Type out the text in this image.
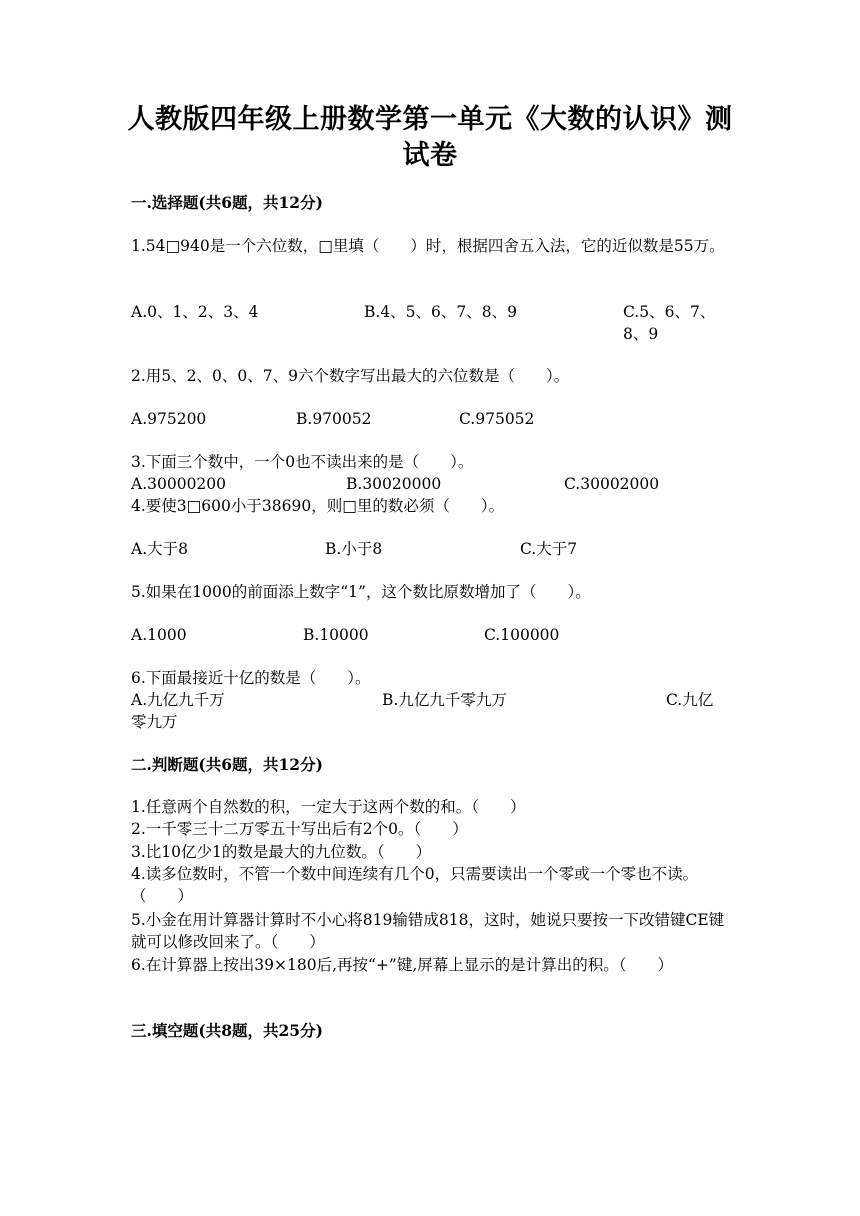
人教版四年级上册数学第一单元《大数的认识》测试卷
一.选择题(共6题，共12分)
1.54□940是一个六位数，□里填（　　）时，根据四舍五入法，它的近似数是55万。
A.0、1、2、3、4	B.4、5、6、7、8、9	C.5、6、7、8、9
2.用5、2、0、0、7、9六个数字写出最大的六位数是（　　）。
A.975200	B.970052	C.975052
3.下面三个数中，一个0也不读出来的是（　　）。
A.30000200	B.30020000	C.30002000
4.要使3□600小于38690，则□里的数必须（　　）。
A.大于8	B.小于8	C.大于7
5.如果在1000的前面添上数字“1”，这个数比原数增加了（　　）。
A.1000	B.10000	C.100000
6.下面最接近十亿的数是（　　）。
A.九亿九千万	B.九亿九千零九万	C.九亿零九万
二.判断题(共6题，共12分)
1.任意两个自然数的积，一定大于这两个数的和。（　　）
2.一千零三十二万零五十写出后有2个0。（　　）
3.比10亿少1的数是最大的九位数。（　　）
4.读多位数时，不管一个数中间连续有几个0，只需要读出一个零或一个零也不读。（　　）
5.小金在用计算器计算时不小心将819输错成818，这时，她说只要按一下改错键CE键就可以修改回来了。（　　）
6.在计算器上按出39×180后,再按“+”键,屏幕上显示的是计算出的积。（　　）
三.填空题(共8题，共25分)
